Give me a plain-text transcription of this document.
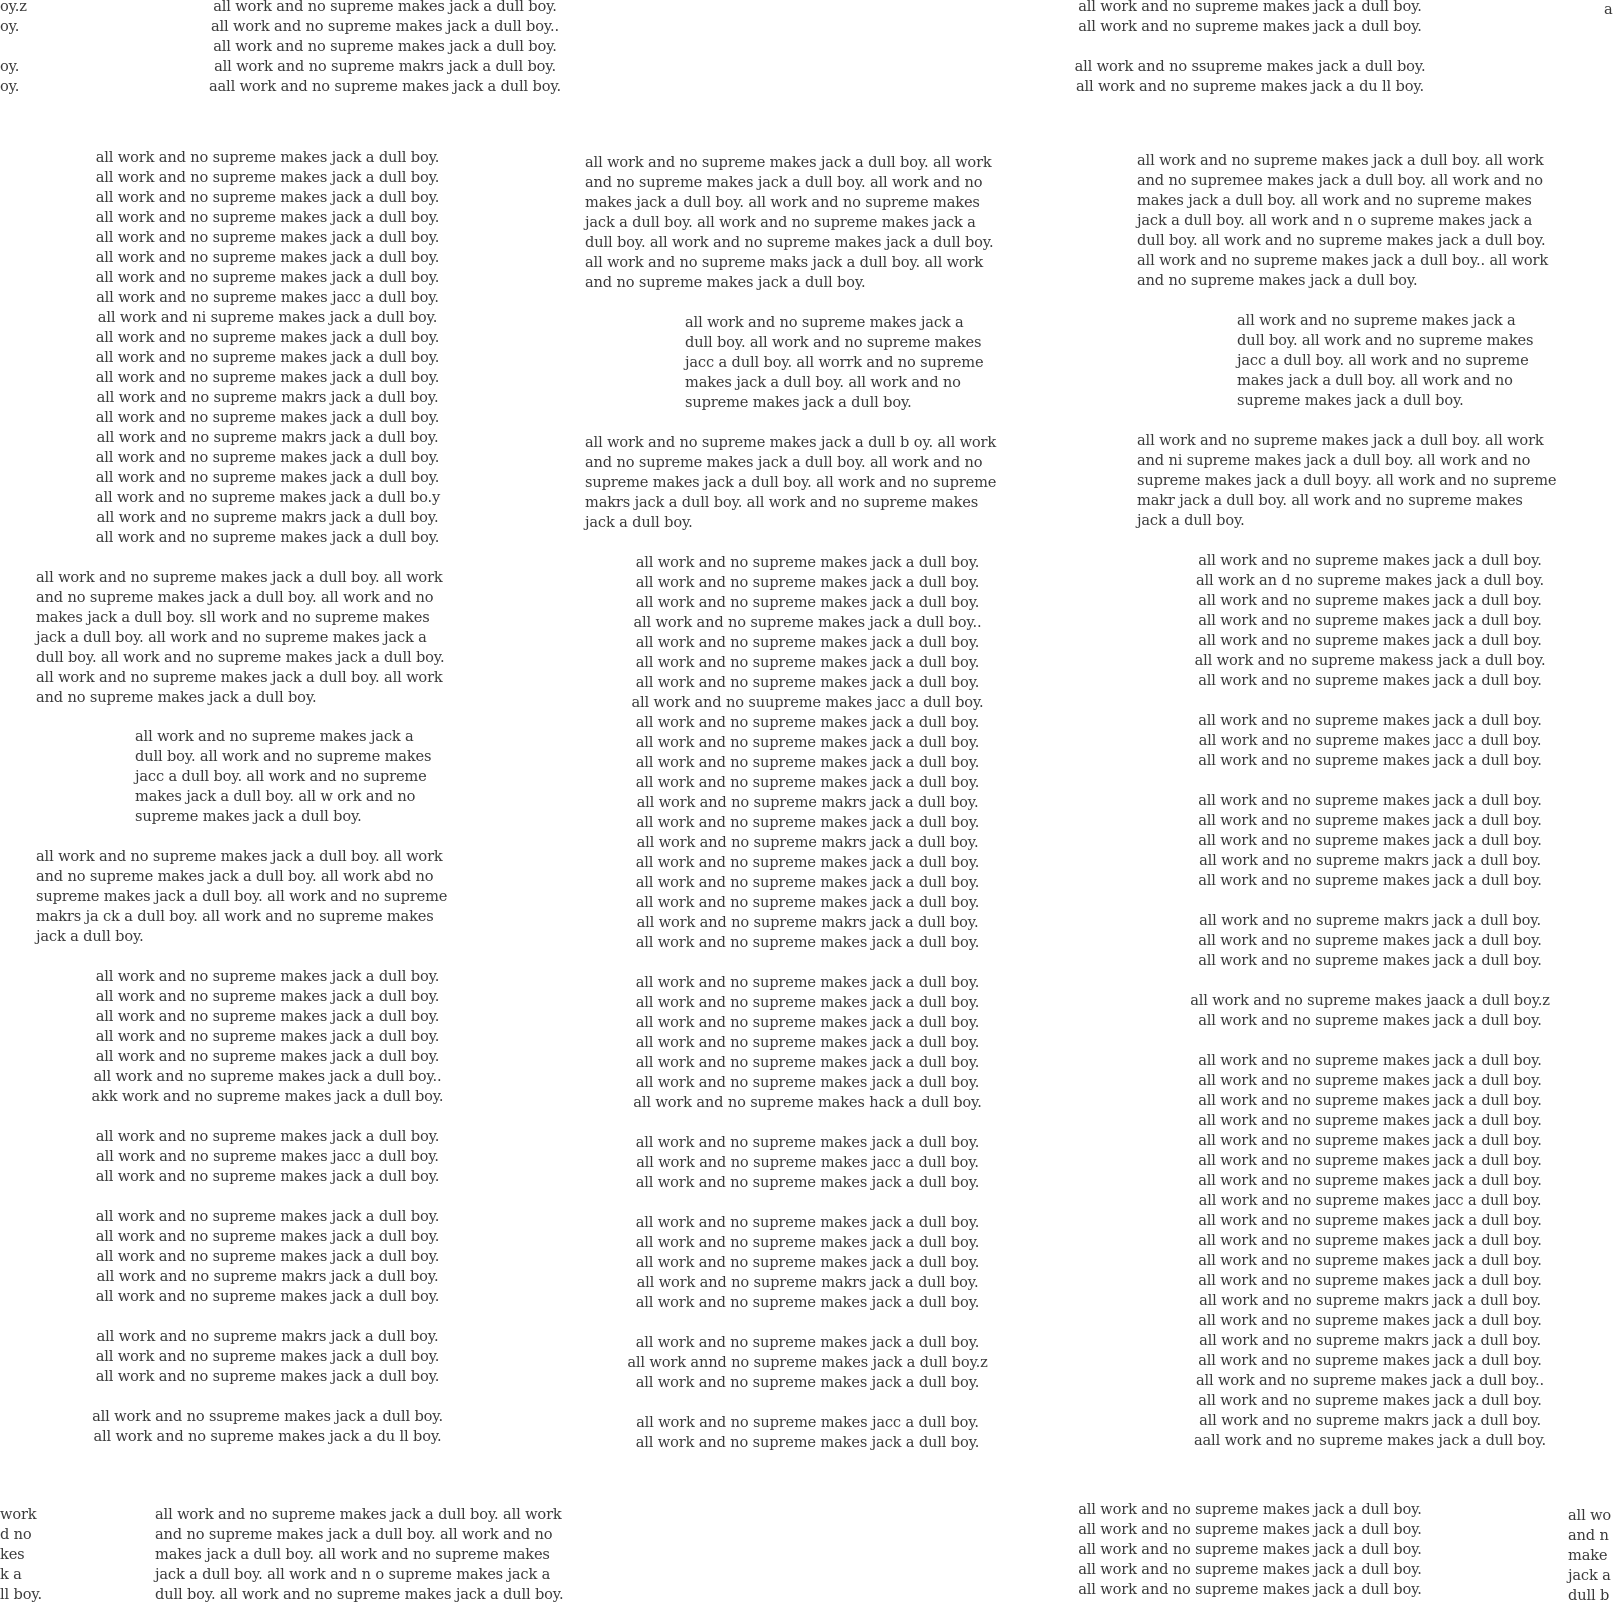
oy.z

oy.

oy.

oy.

all work and no supreme makes jack a dull boy.

all work and no supreme makes jack a dull boy..

all work and no supreme makes jack a dull boy.

all work and no supreme makrs jack a dull boy.

aall work and no supreme makes jack a dull boy.

all work and no supreme makes jack a dull boy.

all work and no supreme makes jack a dull boy.

all work and no ssupreme makes jack a dull boy.

all work and no supreme makes jack a du ll boy.

a

all work and no supreme makes jack a dull boy.

all work and no supreme makes jack a dull boy.

all work and no supreme makes jack a dull boy.

all work and no supreme makes jack a dull boy.

all work and no supreme makes jack a dull boy.

all work and no supreme makes jack a dull boy.

all work and no supreme makes jack a dull boy.

all work and no supreme makes jacc a dull boy.

all work and ni supreme makes jack a dull boy.

all work and no supreme makes jack a dull boy.

all work and no supreme makes jack a dull boy.

all work and no supreme makes jack a dull boy.

all work and no supreme makrs jack a dull boy.

all work and no supreme makes jack a dull boy.

all work and no supreme makrs jack a dull boy.

all work and no supreme makes jack a dull boy.

all work and no supreme makes jack a dull boy.

all work and no supreme makes jack a dull bo.y

all work and no supreme makrs jack a dull boy.

all work and no supreme makes jack a dull boy.

all work and no supreme makes jack a dull boy. all work

and no supreme makes jack a dull boy. all work and no

makes jack a dull boy. sll work and no supreme makes

jack a dull boy. all work and no supreme makes jack a

dull boy. all work and no supreme makes jack a dull boy.

all work and no supreme makes jack a dull boy. all work

and no supreme makes jack a dull boy.

all work and no supreme makes jack a

dull boy. all work and no supreme makes

jacc a dull boy. all work and no supreme

makes jack a dull boy. all w ork and no

supreme makes jack a dull boy.

all work and no supreme makes jack a dull boy. all work

and no supreme makes jack a dull boy. all work abd no

supreme makes jack a dull boy. all work and no supreme

makrs ja ck a dull boy. all work and no supreme makes

jack a dull boy.

all work and no supreme makes jack a dull boy.

all work and no supreme makes jack a dull boy.

all work and no supreme makes jack a dull boy.

all work and no supreme makes jack a dull boy.

all work and no supreme makes jack a dull boy.

all work and no supreme makes jack a dull boy..

akk work and no supreme makes jack a dull boy.

all work and no supreme makes jack a dull boy.

all work and no supreme makes jacc a dull boy.

all work and no supreme makes jack a dull boy.

all work and no supreme makes jack a dull boy.

all work and no supreme makes jack a dull boy.

all work and no supreme makes jack a dull boy.

all work and no supreme makrs jack a dull boy.

all work and no supreme makes jack a dull boy.

all work and no supreme makrs jack a dull boy.

all work and no supreme makes jack a dull boy.

all work and no supreme makes jack a dull boy.

all work and no ssupreme makes jack a dull boy.

all work and no supreme makes jack a du ll boy.

all work and no supreme makes jack a dull boy. all work

and no supreme makes jack a dull boy. all work and no

makes jack a dull boy. all work and no supreme makes

jack a dull boy. all work and no supreme makes jack a

dull boy. all work and no supreme makes jack a dull boy.

all work and no supreme maks jack a dull boy. all work

and no supreme makes jack a dull boy.

all work and no supreme makes jack a

dull boy. all work and no supreme makes

jacc a dull boy. all worrk and no supreme

makes jack a dull boy. all work and no

supreme makes jack a dull boy.

all work and no supreme makes jack a dull b oy. all work

and no supreme makes jack a dull boy. all work and no

supreme makes jack a dull boy. all work and no supreme

makrs jack a dull boy. all work and no supreme makes

jack a dull boy.

all work and no supreme makes jack a dull boy.

all work and no supreme makes jack a dull boy.

all work and no supreme makes jack a dull boy.

all work and no supreme makes jack a dull boy..

all work and no supreme makes jack a dull boy.

all work and no supreme makes jack a dull boy.

all work and no supreme makes jack a dull boy.

all work and no suupreme makes jacc a dull boy.

all work and no supreme makes jack a dull boy.

all work and no supreme makes jack a dull boy.

all work and no supreme makes jack a dull boy.

all work and no supreme makes jack a dull boy.

all work and no supreme makrs jack a dull boy.

all work and no supreme makes jack a dull boy.

all work and no supreme makrs jack a dull boy.

all work and no supreme makes jack a dull boy.

all work and no supreme makes jack a dull boy.

all work and no supreme makes jack a dull boy.

all work and no supreme makrs jack a dull boy.

all work and no supreme makes jack a dull boy.

all work and no supreme makes jack a dull boy.

all work and no supreme makes jack a dull boy.

all work and no supreme makes jack a dull boy.

all work and no supreme makes jack a dull boy.

all work and no supreme makes jack a dull boy.

all work and no supreme makes jack a dull boy.

all work and no supreme makes hack a dull boy.

all work and no supreme makes jack a dull boy.

all work and no supreme makes jacc a dull boy.

all work and no supreme makes jack a dull boy.

all work and no supreme makes jack a dull boy.

all work and no supreme makes jack a dull boy.

all work and no supreme makes jack a dull boy.

all work and no supreme makrs jack a dull boy.

all work and no supreme makes jack a dull boy.

all work and no supreme makes jack a dull boy.

all work annd no supreme makes jack a dull boy.z

all work and no supreme makes jack a dull boy.

all work and no supreme makes jacc a dull boy.

all work and no supreme makes jack a dull boy.

all work and no supreme makes jack a dull boy. all work

and no supremee makes jack a dull boy. all work and no

makes jack a dull boy. all work and no supreme makes

jack a dull boy. all work and n o supreme makes jack a

dull boy. all work and no supreme makes jack a dull boy.

all work and no supreme makes jack a dull boy.. all work

and no supreme makes jack a dull boy.

all work and no supreme makes jack a

dull boy. all work and no supreme makes

jacc a dull boy. all work and no supreme

makes jack a dull boy. all work and no

supreme makes jack a dull boy.

all work and no supreme makes jack a dull boy. all work

and ni supreme makes jack a dull boy. all work and no

supreme makes jack a dull boyy. all work and no supreme

makr jack a dull boy. all work and no supreme makes

jack a dull boy.

all work and no supreme makes jack a dull boy.

all work an d no supreme makes jack a dull boy.

all work and no supreme makes jack a dull boy.

all work and no supreme makes jack a dull boy.

all work and no supreme makes jack a dull boy.

all work and no supreme makess jack a dull boy.

all work and no supreme makes jack a dull boy.

all work and no supreme makes jack a dull boy.

all work and no supreme makes jacc a dull boy.

all work and no supreme makes jack a dull boy.

all work and no supreme makes jack a dull boy.

all work and no supreme makes jack a dull boy.

all work and no supreme makes jack a dull boy.

all work and no supreme makrs jack a dull boy.

all work and no supreme makes jack a dull boy.

all work and no supreme makrs jack a dull boy.

all work and no supreme makes jack a dull boy.

all work and no supreme makes jack a dull boy.

all work and no supreme makes jaack a dull boy.z

all work and no supreme makes jack a dull boy.

all work and no supreme makes jack a dull boy.

all work and no supreme makes jack a dull boy.

all work and no supreme makes jack a dull boy.

all work and no supreme makes jack a dull boy.

all work and no supreme makes jack a dull boy.

all work and no supreme makes jack a dull boy.

all work and no supreme makes jack a dull boy.

all work and no supreme makes jacc a dull boy.

all work and no supreme makes jack a dull boy.

all work and no supreme makes jack a dull boy.

all work and no supreme makes jack a dull boy.

all work and no supreme makes jack a dull boy.

all work and no supreme makrs jack a dull boy.

all work and no supreme makes jack a dull boy.

all work and no supreme makrs jack a dull boy.

all work and no supreme makes jack a dull boy.

all work and no supreme makes jack a dull boy..

all work and no supreme makes jack a dull boy.

all work and no supreme makrs jack a dull boy.

aall work and no supreme makes jack a dull boy.

work

d no

kes

k a

ll boy.

all work and no supreme makes jack a dull boy. all work

and no supreme makes jack a dull boy. all work and no

makes jack a dull boy. all work and no supreme makes

jack a dull boy. all work and n o supreme makes jack a

dull boy. all work and no supreme makes jack a dull boy.

all work and no supreme makes jack a dull boy.

all work and no supreme makes jack a dull boy.

all work and no supreme makes jack a dull boy.

all work and no supreme makes jack a dull boy.

all work and no supreme makes jack a dull boy.

all wo

and n

make

jack a

dull b
